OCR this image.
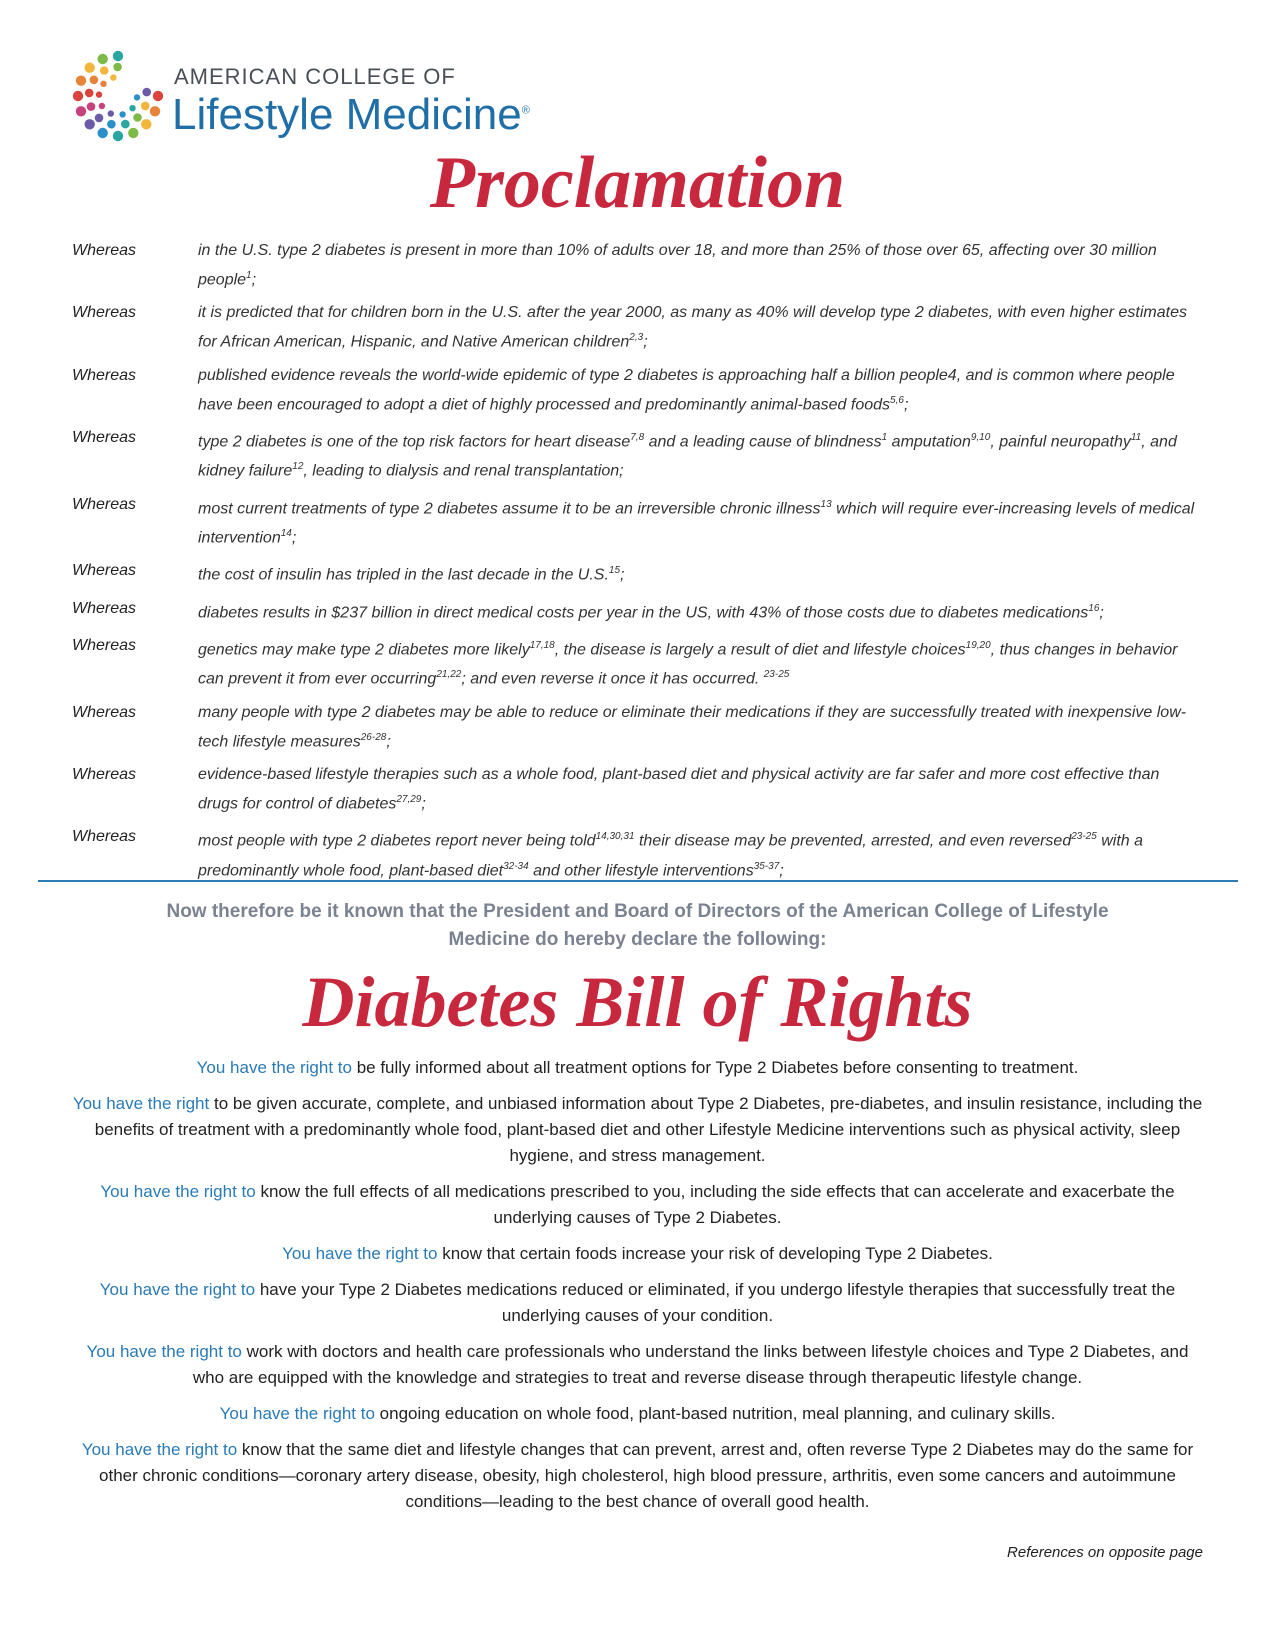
AMERICAN COLLEGE OF
Lifestyle Medicine®
Proclamation
Whereas	in the U.S. type 2 diabetes is present in more than 10% of adults over 18, and more than 25% of those over 65, affecting over 30 million people$^1$;
Whereas	it is predicted that for children born in the U.S. after the year 2000, as many as 40% will develop type 2 diabetes, with even higher estimates for African American, Hispanic, and Native American children$^{2,3}$;
Whereas	published evidence reveals the world-wide epidemic of type 2 diabetes is approaching half a billion people4, and is common where people have been encouraged to adopt a diet of highly processed and predominantly animal-based foods$^{5,6}$;
Whereas	type 2 diabetes is one of the top risk factors for heart disease$^{7,8}$ and a leading cause of blindness$^1$ amputation$^{9,10}$, painful neuropathy$^{11}$, and kidney failure$^{12}$, leading to dialysis and renal transplantation;
Whereas	most current treatments of type 2 diabetes assume it to be an irreversible chronic illness$^{13}$ which will require ever-increasing levels of medical intervention$^{14}$;
Whereas	the cost of insulin has tripled in the last decade in the U.S.$^{15}$;
Whereas	diabetes results in $237 billion in direct medical costs per year in the US, with 43% of those costs due to diabetes medications$^{16}$;
Whereas	genetics may make type 2 diabetes more likely$^{17,18}$, the disease is largely a result of diet and lifestyle choices$^{19,20}$, thus changes in behavior can prevent it from ever occurring$^{21,22}$; and even reverse it once it has occurred. $^{23-25}$
Whereas	many people with type 2 diabetes may be able to reduce or eliminate their medications if they are successfully treated with inexpensive low-tech lifestyle measures$^{26-28}$;
Whereas	evidence-based lifestyle therapies such as a whole food, plant-based diet and physical activity are far safer and more cost effective than drugs for control of diabetes$^{27,29}$;
Whereas	most people with type 2 diabetes report never being told$^{14,30,31}$ their disease may be prevented, arrested, and even reversed$^{23-25}$ with a predominantly whole food, plant-based diet$^{32-34}$ and other lifestyle interventions$^{35-37}$;
Now therefore be it known that the President and Board of Directors of the American College of Lifestyle Medicine do hereby declare the following:
Diabetes Bill of Rights

You have the right to be fully informed about all treatment options for Type 2 Diabetes before consenting to treatment.

You have the right to be given accurate, complete, and unbiased information about Type 2 Diabetes, pre-diabetes, and insulin resistance, including the benefits of treatment with a predominantly whole food, plant-based diet and other Lifestyle Medicine interventions such as physical activity, sleep hygiene, and stress management.

You have the right to know the full effects of all medications prescribed to you, including the side effects that can accelerate and exacerbate the underlying causes of Type 2 Diabetes.

You have the right to know that certain foods increase your risk of developing Type 2 Diabetes.

You have the right to have your Type 2 Diabetes medications reduced or eliminated, if you undergo lifestyle therapies that successfully treat the underlying causes of your condition.

You have the right to work with doctors and health care professionals who understand the links between lifestyle choices and Type 2 Diabetes, and who are equipped with the knowledge and strategies to treat and reverse disease through therapeutic lifestyle change.

You have the right to ongoing education on whole food, plant-based nutrition, meal planning, and culinary skills.

You have the right to know that the same diet and lifestyle changes that can prevent, arrest and, often reverse Type 2 Diabetes may do the same for other chronic conditions—coronary artery disease, obesity, high cholesterol, high blood pressure, arthritis, even some cancers and autoimmune conditions—leading to the best chance of overall good health.

References on opposite page
